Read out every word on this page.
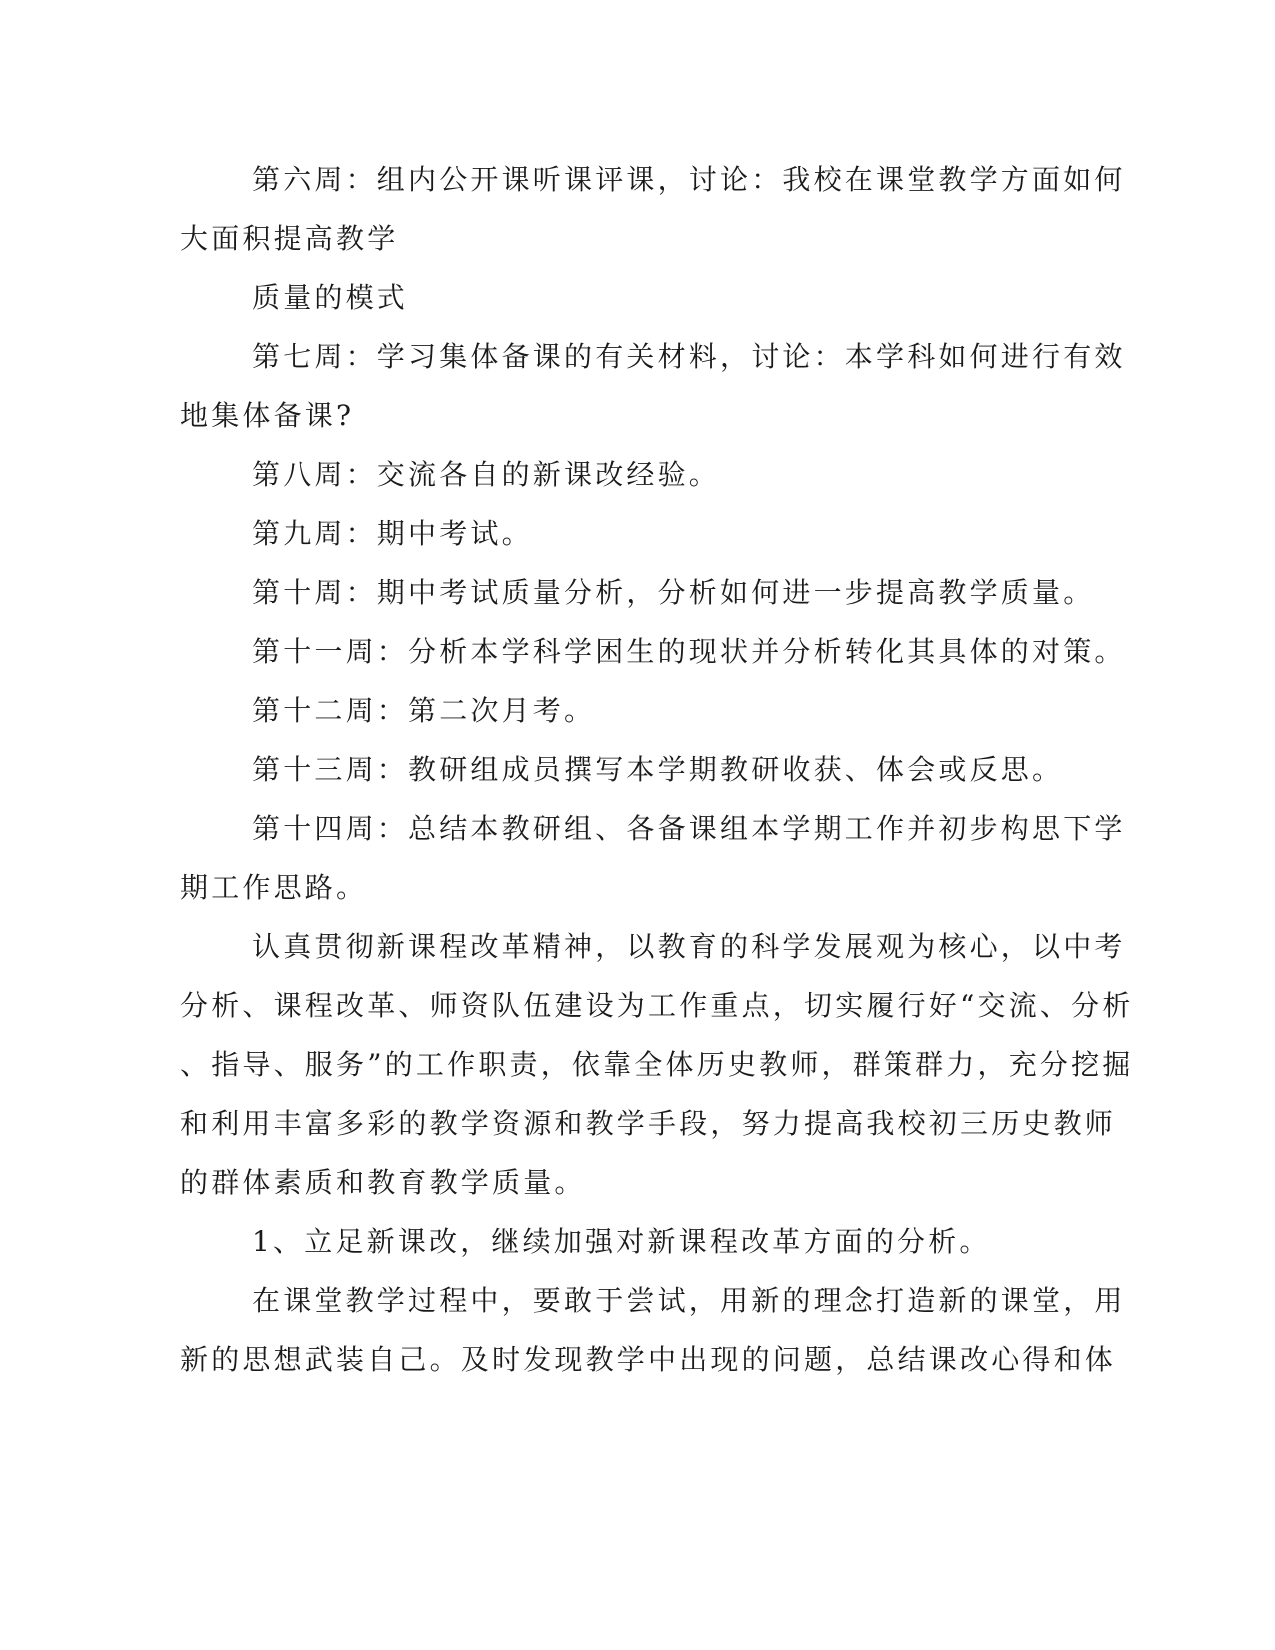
第六周：组内公开课听课评课，讨论：我校在课堂教学方面如何
大面积提高教学
质量的模式
第七周：学习集体备课的有关材料，讨论：本学科如何进行有效
地集体备课?
第八周：交流各自的新课改经验。
第九周：期中考试。
第十周：期中考试质量分析，分析如何进一步提高教学质量。
第十一周：分析本学科学困生的现状并分析转化其具体的对策。
第十二周：第二次月考。
第十三周：教研组成员撰写本学期教研收获、体会或反思。
第十四周：总结本教研组、各备课组本学期工作并初步构思下学
期工作思路。
认真贯彻新课程改革精神，以教育的科学发展观为核心，以中考
分析、课程改革、师资队伍建设为工作重点，切实履行好“交流、分析
、指导、服务”的工作职责，依靠全体历史教师，群策群力，充分挖掘
和利用丰富多彩的教学资源和教学手段，努力提高我校初三历史教师
的群体素质和教育教学质量。
1、立足新课改，继续加强对新课程改革方面的分析。
在课堂教学过程中，要敢于尝试，用新的理念打造新的课堂，用
新的思想武装自己。及时发现教学中出现的问题，总结课改心得和体
